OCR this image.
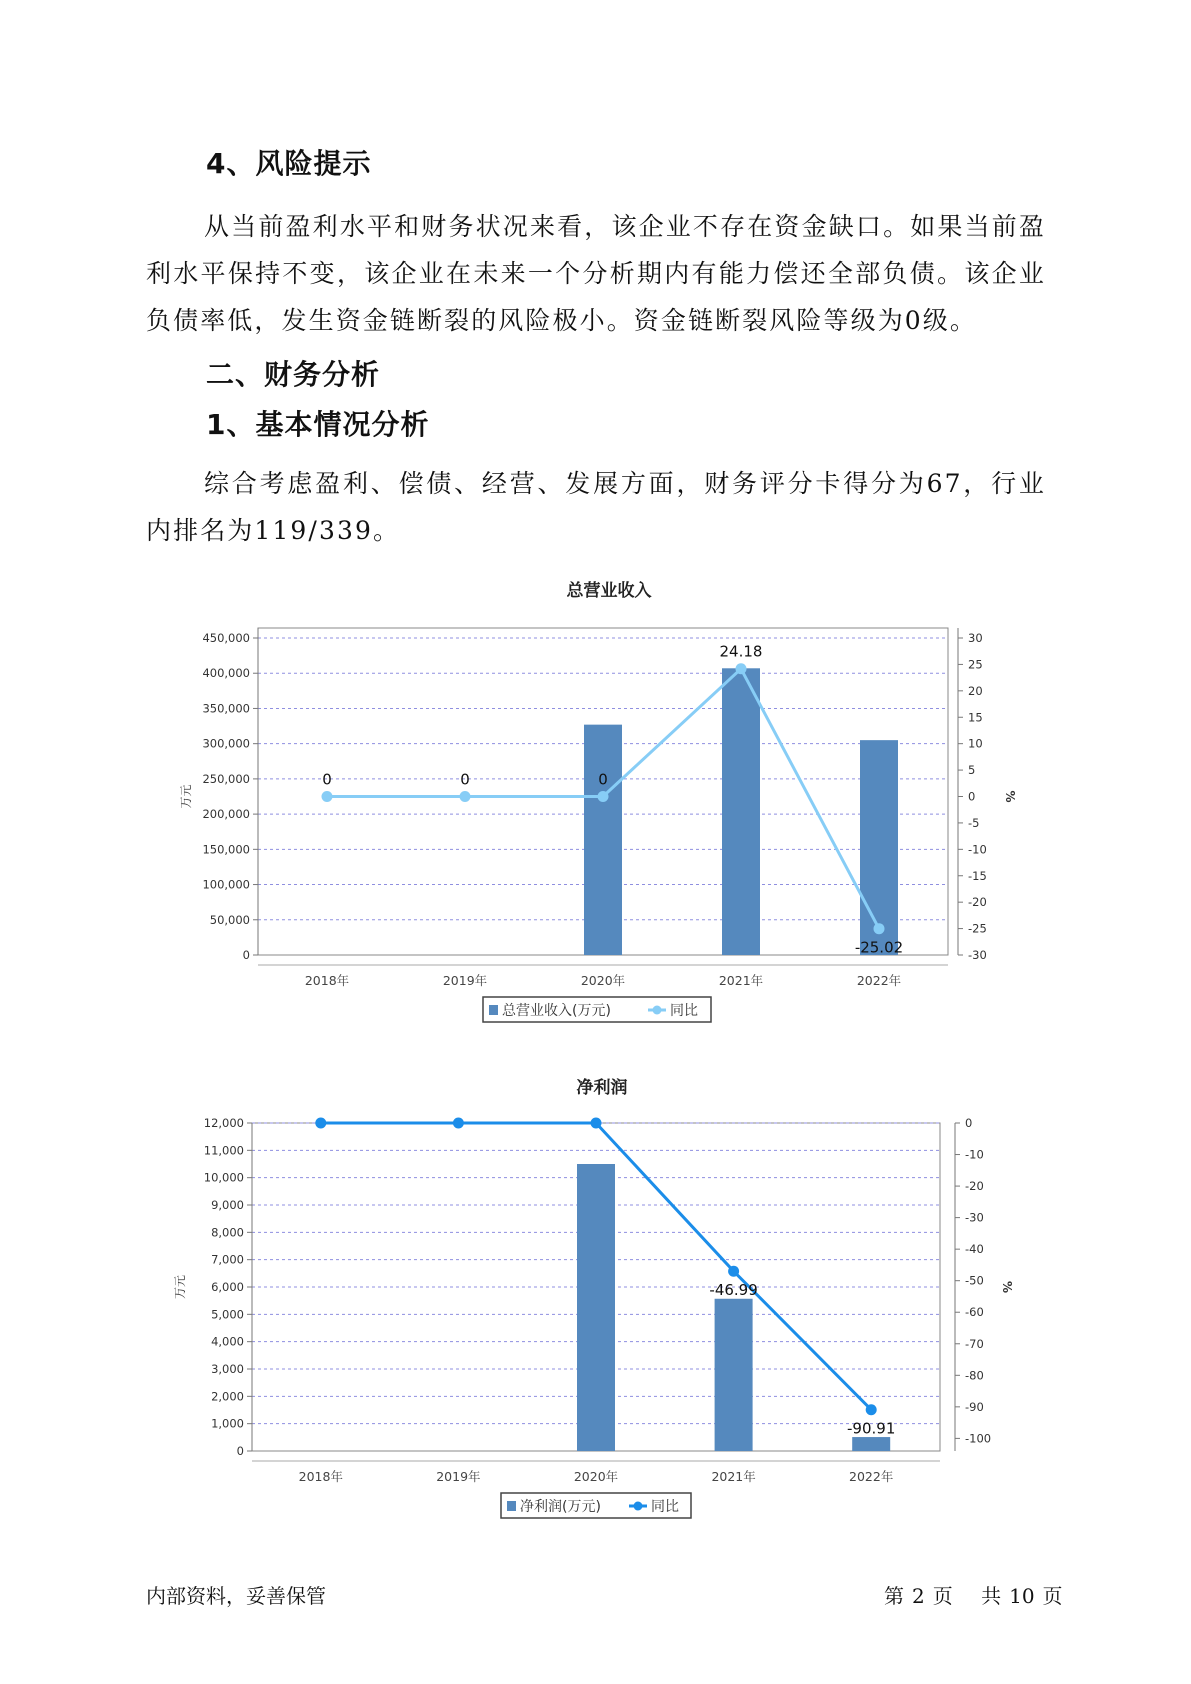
4、风险提示

从当前盈利水平和财务状况来看，该企业不存在资金缺口。如果当前盈利水平保持不变，该企业在未来一个分析期内有能力偿还全部负债。该企业负债率低，发生资金链断裂的风险极小。资金链断裂风险等级为0级。

二、财务分析
1、基本情况分析

综合考虑盈利、偿债、经营、发展方面，财务评分卡得分为67，行业内排名为119/339。

总营业收入
0
50,000
100,000
150,000
200,000
250,000
300,000
350,000
400,000
450,000	30
25
20
15
10
5
0
-5
-10
-15
-20
-25
-30
万元	%
2018年	2019年	2020年	2021年	2022年
0	0	0
24.18
-25.02
总营业收入(万元)	同比
净利润
0
1,000
2,000
3,000
4,000
5,000
6,000
7,000
8,000
9,000
10,000
11,000
12,000	0
-10
-20
-30
-40
-50
-60
-70
-80
-90
-100
万元	%
2018年	2019年	2020年	2021年	2022年
-46.99
-90.91
净利润(万元)	同比
内部资料，妥善保管	第 2 页 共 10 页
